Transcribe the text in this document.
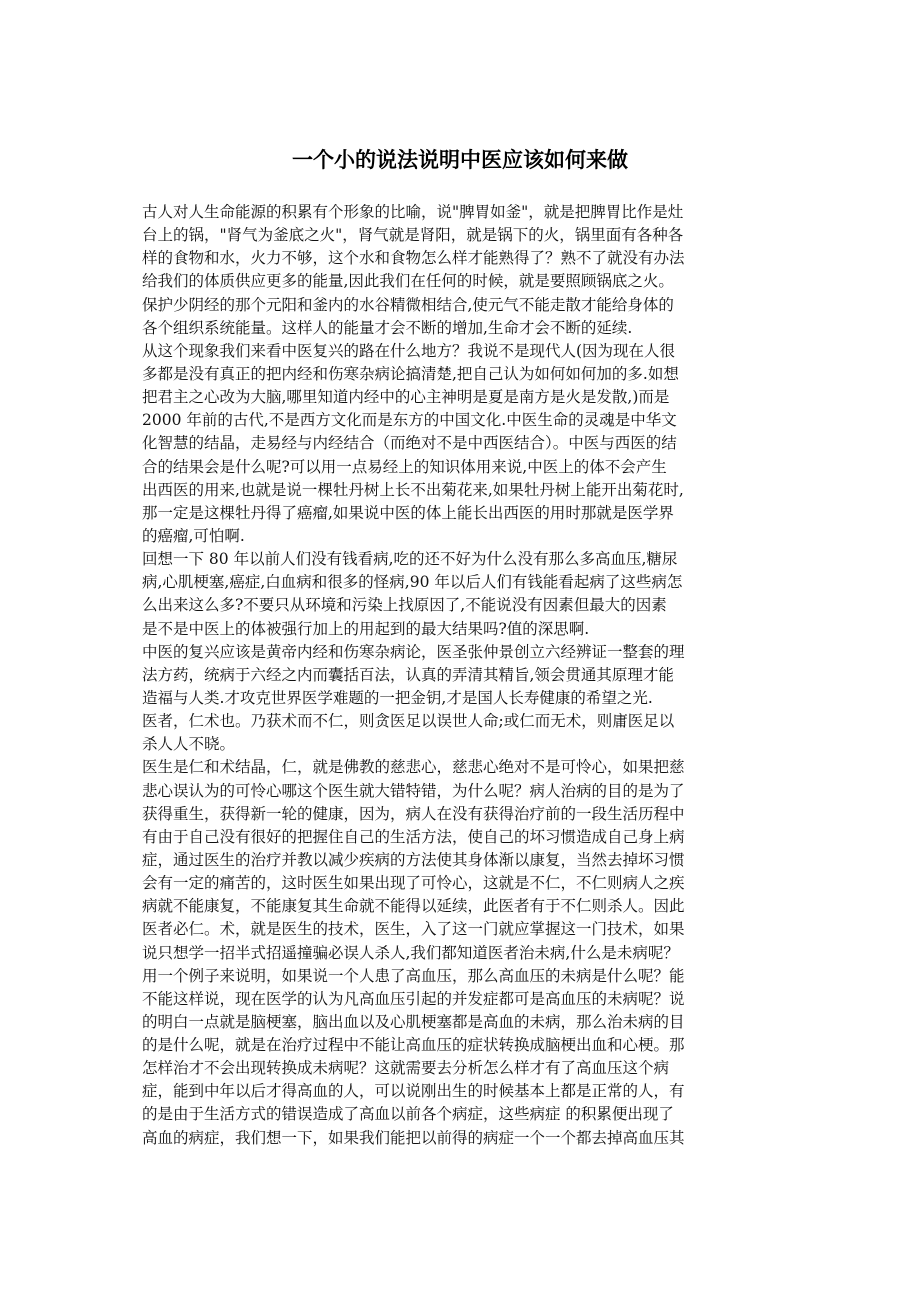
一个小的说法说明中医应该如何来做
古人对人生命能源的积累有个形象的比喻，说"脾胃如釜"，就是把脾胃比作是灶
台上的锅，"肾气为釜底之火"，肾气就是肾阳，就是锅下的火，锅里面有各种各
样的食物和水，火力不够，这个水和食物怎么样才能熟得了？熟不了就没有办法
给我们的体质供应更多的能量,因此我们在任何的时候，就是要照顾锅底之火。
保护少阴经的那个元阳和釜内的水谷精微相结合,使元气不能走散才能给身体的
各个组织系统能量。这样人的能量才会不断的增加,生命才会不断的延续.
从这个现象我们来看中医复兴的路在什么地方？我说不是现代人(因为现在人很
多都是没有真正的把内经和伤寒杂病论搞清楚,把自己认为如何如何加的多.如想
把君主之心改为大脑,哪里知道内经中的心主神明是夏是南方是火是发散,)而是
2000 年前的古代,不是西方文化而是东方的中国文化.中医生命的灵魂是中华文
化智慧的结晶，走易经与内经结合（而绝对不是中西医结合）。中医与西医的结
合的结果会是什么呢?可以用一点易经上的知识体用来说,中医上的体不会产生
出西医的用来,也就是说一棵牡丹树上长不出菊花来,如果牡丹树上能开出菊花时,
那一定是这棵牡丹得了癌瘤,如果说中医的体上能长出西医的用时那就是医学界
的癌瘤,可怕啊.
回想一下 80 年以前人们没有钱看病,吃的还不好为什么没有那么多高血压,糖尿
病,心肌梗塞,癌症,白血病和很多的怪病,90 年以后人们有钱能看起病了这些病怎
么出来这么多?不要只从环境和污染上找原因了,不能说没有因素但最大的因素
是不是中医上的体被强行加上的用起到的最大结果吗?值的深思啊.
中医的复兴应该是黄帝内经和伤寒杂病论，医圣张仲景创立六经辨证一整套的理
法方药，统病于六经之内而囊括百法，认真的弄清其精旨,领会贯通其原理才能
造福与人类.才攻克世界医学难题的一把金钥,才是国人长寿健康的希望之光.
医者，仁术也。乃获术而不仁，则贪医足以误世人命;或仁而无术，则庸医足以
杀人人不晓。
医生是仁和术结晶，仁，就是佛教的慈悲心，慈悲心绝对不是可怜心，如果把慈
悲心误认为的可怜心哪这个医生就大错特错，为什么呢？病人治病的目的是为了
获得重生，获得新一轮的健康，因为，病人在没有获得治疗前的一段生活历程中
有由于自己没有很好的把握住自己的生活方法，使自己的坏习惯造成自己身上病
症，通过医生的治疗并教以减少疾病的方法使其身体渐以康复，当然去掉坏习惯
会有一定的痛苦的，这时医生如果出现了可怜心，这就是不仁，不仁则病人之疾
病就不能康复，不能康复其生命就不能得以延续，此医者有于不仁则杀人。因此
医者必仁。术，就是医生的技术，医生，入了这一门就应掌握这一门技术，如果
说只想学一招半式招遥撞骗必误人杀人,我们都知道医者治未病,什么是未病呢？
用一个例子来说明，如果说一个人患了高血压，那么高血压的未病是什么呢？能
不能这样说，现在医学的认为凡高血压引起的并发症都可是高血压的未病呢？说
的明白一点就是脑梗塞，脑出血以及心肌梗塞都是高血的未病，那么治未病的目
的是什么呢，就是在治疗过程中不能让高血压的症状转换成脑梗出血和心梗。那
怎样治才不会出现转换成未病呢？这就需要去分析怎么样才有了高血压这个病
症，能到中年以后才得高血的人，可以说刚出生的时候基本上都是正常的人，有
的是由于生活方式的错误造成了高血以前各个病症，这些病症 的积累便出现了
高血的病症，我们想一下，如果我们能把以前得的病症一个一个都去掉高血压其
